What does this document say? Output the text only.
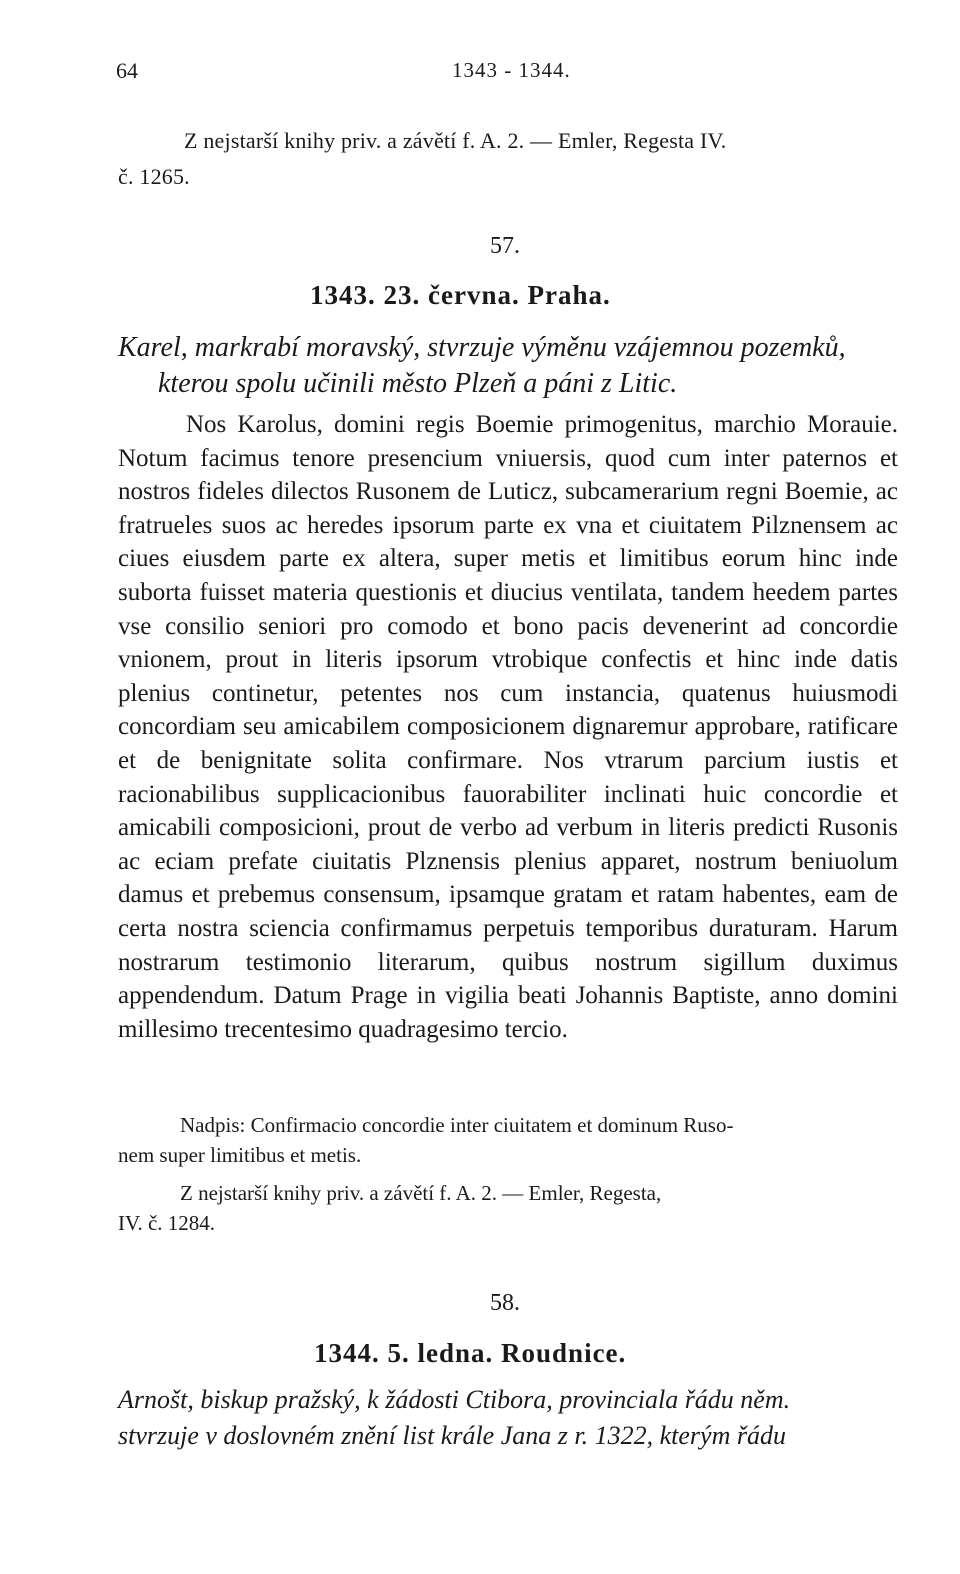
64	1343 - 1344.
Z nejstarší knihy priv. a závětí f. A. 2. — Emler, Regesta IV.
č. 1265.
57.
1343. 23. června. Praha.
Karel, markrabí moravský, stvrzuje výměnu vzájemnou pozemků,
kterou spolu učinili město Plzeň a páni z Litic.
Nos Karolus, domini regis Boemie primogenitus, marchio Morauie. Notum facimus tenore presencium vniuersis, quod cum inter paternos et nostros fideles dilectos Rusonem de Luticz, subcamerarium regni Boemie, ac fratrueles suos ac heredes ipsorum parte ex vna et ciuitatem Pilznensem ac ciues eiusdem parte ex altera, super metis et limitibus eorum hinc inde suborta fuisset materia questionis et diucius ventilata, tandem heedem partes vse consilio seniori pro comodo et bono pacis devenerint ad concordie vnionem, prout in literis ipsorum vtrobique confectis et hinc inde datis plenius continetur, petentes nos cum instancia, quatenus huiusmodi concordiam seu amicabilem composicionem dignaremur approbare, ratificare et de benignitate solita confirmare. Nos vtrarum parcium iustis et racionabilibus supplicacionibus fauorabiliter inclinati huic concordie et amicabili composicioni, prout de verbo ad verbum in literis predicti Rusonis ac eciam prefate ciuitatis Plznensis plenius apparet, nostrum beniuolum damus et prebemus consensum, ipsamque gratam et ratam habentes, eam de certa nostra sciencia confirmamus perpetuis temporibus duraturam. Harum nostrarum testimonio literarum, quibus nostrum sigillum duximus appendendum. Datum Prage in vigilia beati Johannis Baptiste, anno domini millesimo trecentesimo quadragesimo tercio.
Nadpis: Confirmacio concordie inter ciuitatem et dominum Ruso-
nem super limitibus et metis.
Z nejstarší knihy priv. a závětí f. A. 2. — Emler, Regesta,
IV. č. 1284.
58.
1344. 5. ledna. Roudnice.
Arnošt, biskup pražský, k žádosti Ctibora, provinciala řádu něm.
stvrzuje v doslovném znění list krále Jana z r. 1322, kterým řádu
